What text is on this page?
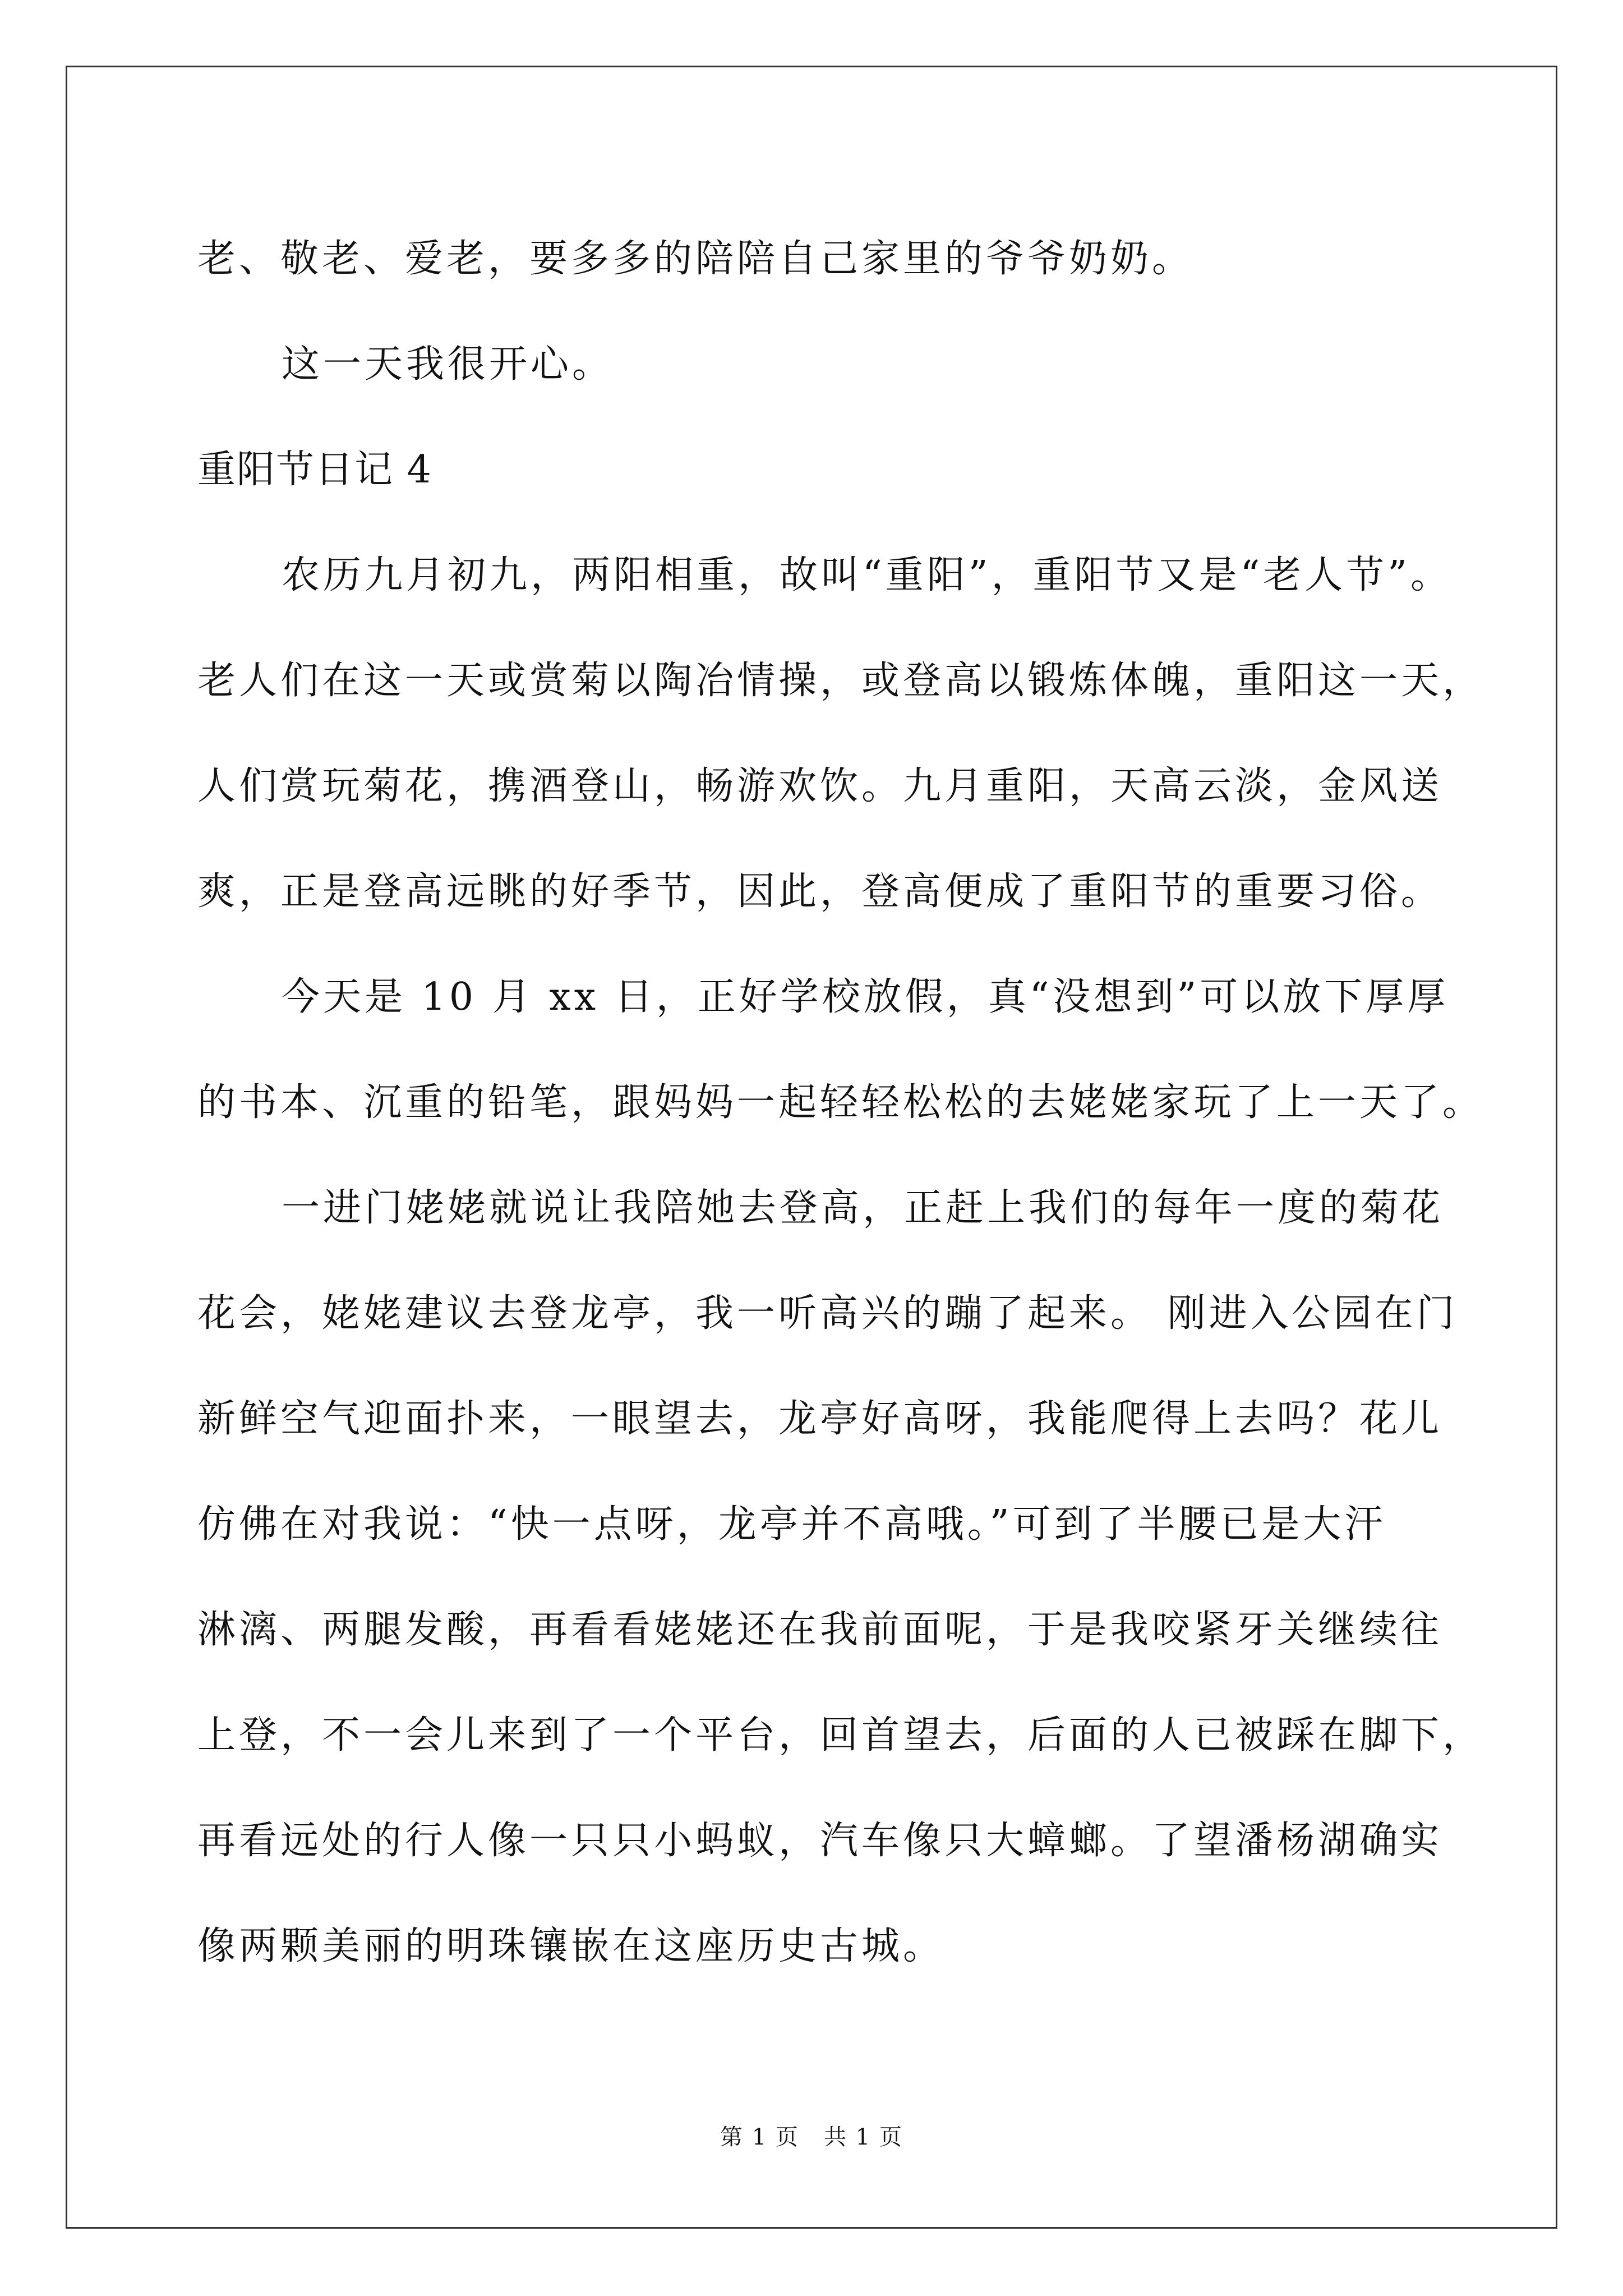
老、敬老、爱老，要多多的陪陪自己家里的爷爷奶奶。

这一天我很开心。

重阳节日记 4

农历九月初九，两阳相重，故叫“重阳”，重阳节又是“老人节”。

老人们在这一天或赏菊以陶冶情操，或登高以锻炼体魄，重阳这一天，

人们赏玩菊花，携酒登山，畅游欢饮。九月重阳，天高云淡，金风送

爽，正是登高远眺的好季节，因此，登高便成了重阳节的重要习俗。

今天是 10 月 xx 日，正好学校放假，真“没想到”可以放下厚厚

的书本、沉重的铅笔，跟妈妈一起轻轻松松的去姥姥家玩了上一天了。

一进门姥姥就说让我陪她去登高，正赶上我们的每年一度的菊花

花会，姥姥建议去登龙亭，我一听高兴的蹦了起来。 刚进入公园在门

新鲜空气迎面扑来，一眼望去，龙亭好高呀，我能爬得上去吗？花儿

仿佛在对我说：“快一点呀，龙亭并不高哦。”可到了半腰已是大汗

淋漓、两腿发酸，再看看姥姥还在我前面呢，于是我咬紧牙关继续往

上登，不一会儿来到了一个平台，回首望去，后面的人已被踩在脚下，

再看远处的行人像一只只小蚂蚁，汽车像只大蟑螂。了望潘杨湖确实

像两颗美丽的明珠镶嵌在这座历史古城。

第 1 页   共 1 页
